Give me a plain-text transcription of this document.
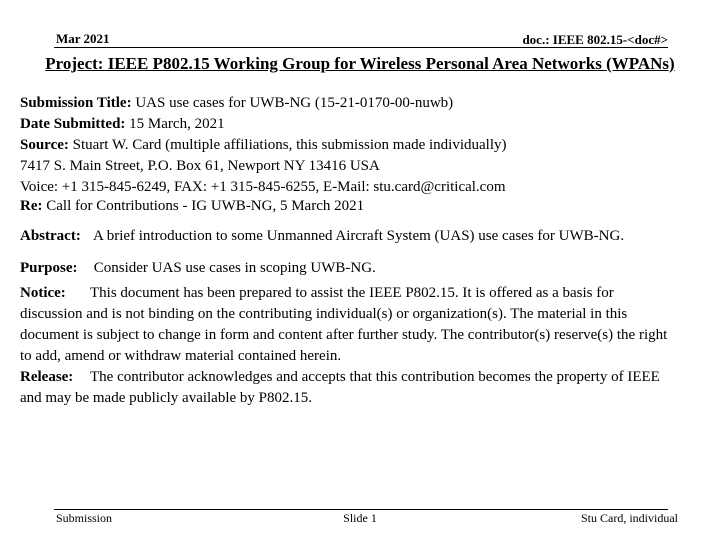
Mar 2021	doc.: IEEE 802.15-<doc#>
Project: IEEE P802.15 Working Group for Wireless Personal Area Networks (WPANs)
Submission Title: UAS use cases for UWB-NG (15-21-0170-00-nuwb)
Date Submitted: 15 March, 2021
Source: Stuart W. Card (multiple affiliations, this submission made individually)
7417 S. Main Street, P.O. Box 61, Newport NY 13416 USA
Voice: +1 315-845-6249, FAX: +1 315-845-6255, E-Mail: stu.card@critical.com
Re: Call for Contributions - IG UWB-NG, 5 March 2021
Abstract: A brief introduction to some Unmanned Aircraft System (UAS) use cases for UWB-NG.
Purpose: Consider UAS use cases in scoping UWB-NG.
Notice: This document has been prepared to assist the IEEE P802.15. It is offered as a basis for
discussion and is not binding on the contributing individual(s) or organization(s). The material in this
document is subject to change in form and content after further study. The contributor(s) reserve(s) the right
to add, amend or withdraw material contained herein.
Release: The contributor acknowledges and accepts that this contribution becomes the property of IEEE
and may be made publicly available by P802.15.
Submission	Slide 1	Stu Card, individual
